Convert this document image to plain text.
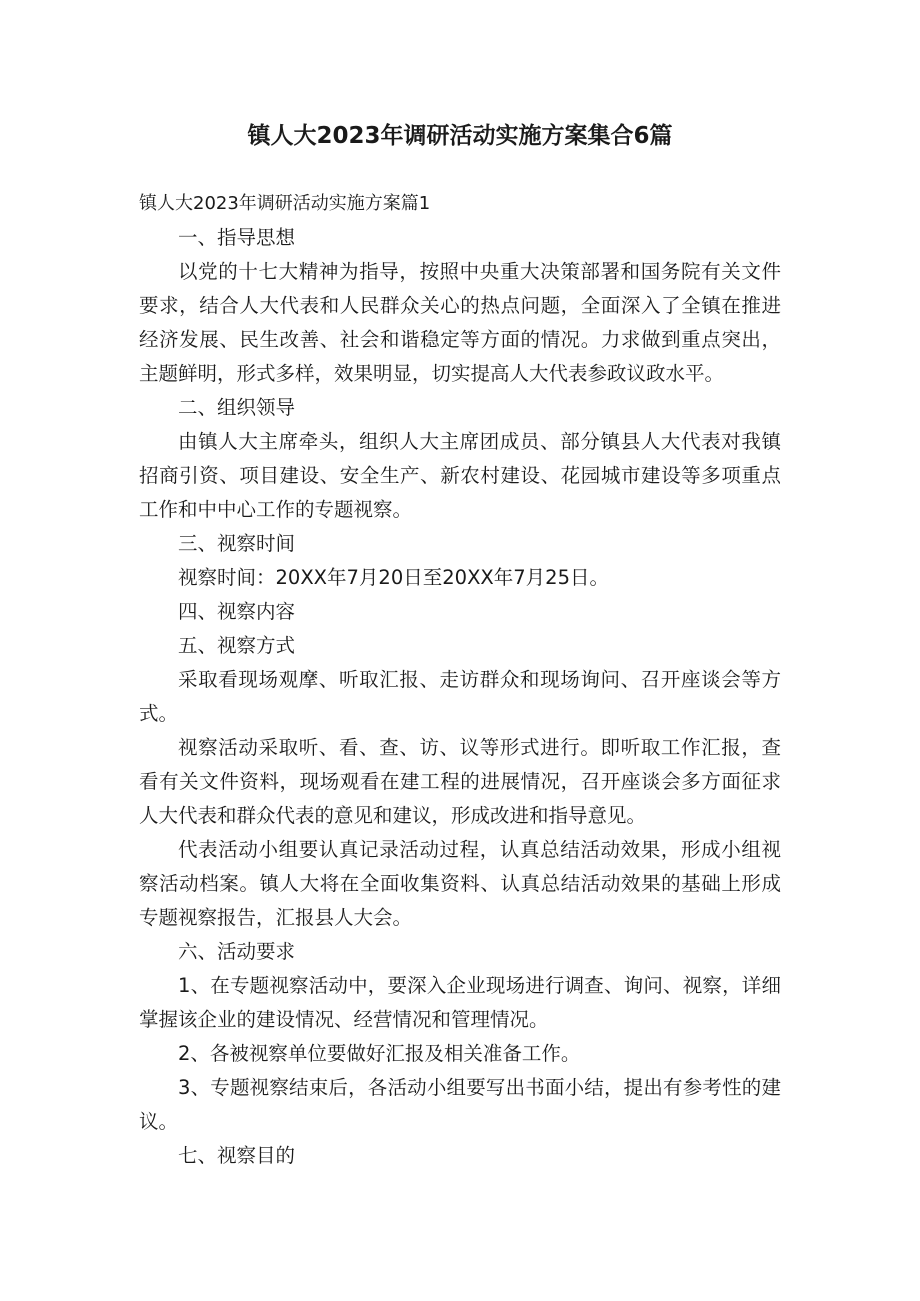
镇人大2023年调研活动实施方案集合6篇

镇人大2023年调研活动实施方案篇1

一、指导思想

以党的十七大精神为指导，按照中央重大决策部署和国务院有关文件要求，结合人大代表和人民群众关心的热点问题，全面深入了全镇在推进经济发展、民生改善、社会和谐稳定等方面的情况。力求做到重点突出，主题鲜明，形式多样，效果明显，切实提高人大代表参政议政水平。

二、组织领导

由镇人大主席牵头，组织人大主席团成员、部分镇县人大代表对我镇招商引资、项目建设、安全生产、新农村建设、花园城市建设等多项重点工作和中中心工作的专题视察。

三、视察时间

视察时间：20XX年7月20日至20XX年7月25日。

四、视察内容

五、视察方式

采取看现场观摩、听取汇报、走访群众和现场询问、召开座谈会等方式。

视察活动采取听、看、查、访、议等形式进行。即听取工作汇报，查看有关文件资料，现场观看在建工程的进展情况，召开座谈会多方面征求人大代表和群众代表的意见和建议，形成改进和指导意见。

代表活动小组要认真记录活动过程，认真总结活动效果，形成小组视察活动档案。镇人大将在全面收集资料、认真总结活动效果的基础上形成专题视察报告，汇报县人大会。

六、活动要求

1、在专题视察活动中，要深入企业现场进行调查、询问、视察，详细掌握该企业的建设情况、经营情况和管理情况。

2、各被视察单位要做好汇报及相关准备工作。

3、专题视察结束后，各活动小组要写出书面小结，提出有参考性的建议。

七、视察目的
